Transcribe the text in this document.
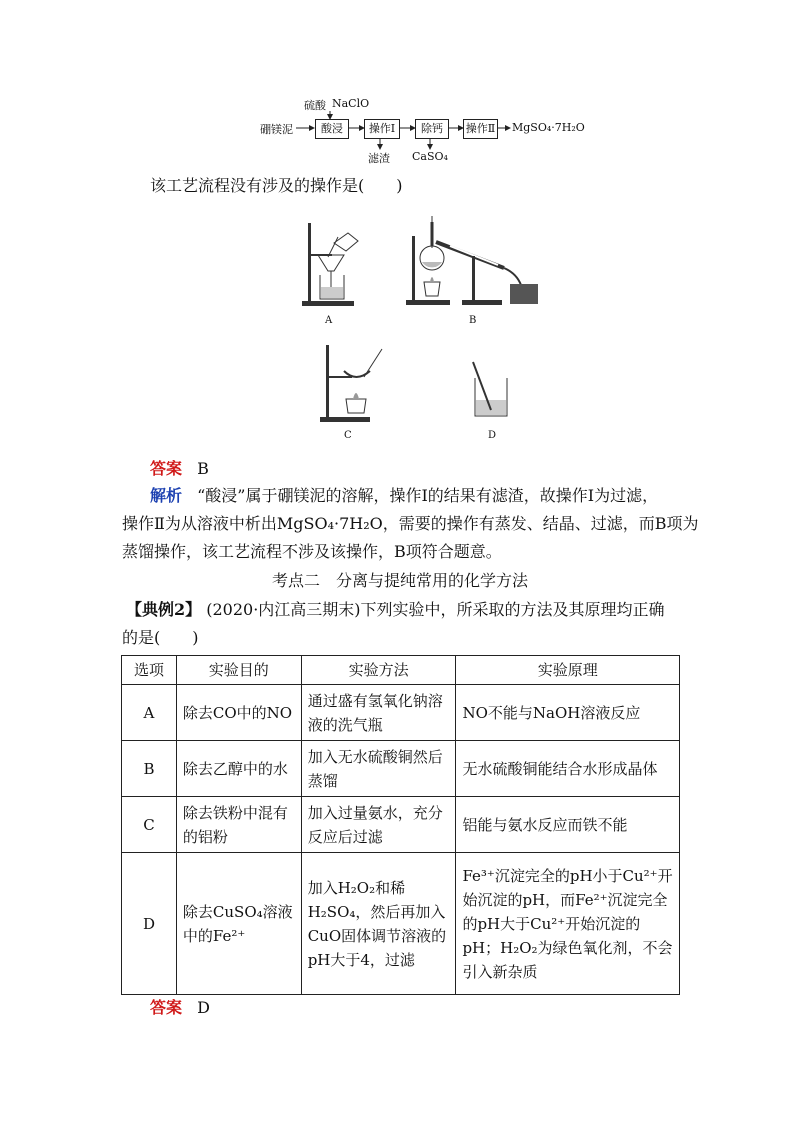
硫酸 NaClO
硼镁泥	酸浸	操作Ⅰ	除钙	操作Ⅱ MgSO₄·7H₂O
滤渣 CaSO₄
该工艺流程没有涉及的操作是(　　)
A	B
C	D
答案 B
解析 “酸浸”属于硼镁泥的溶解，操作Ⅰ的结果有滤渣，故操作Ⅰ为过滤，
操作Ⅱ为从溶液中析出MgSO₄·7H₂O，需要的操作有蒸发、结晶、过滤，而B项为
蒸馏操作，该工艺流程不涉及该操作，B项符合题意。
考点二　分离与提纯常用的化学方法
【典例2】 (2020·内江高三期末)下列实验中，所采取的方法及其原理均正确
的是(　　)
选项	实验目的	实验方法	实验原理
A	除去CO中的NO	通过盛有氢氧化钠溶液的洗气瓶	NO不能与NaOH溶液反应
B	除去乙醇中的水	加入无水硫酸铜然后蒸馏	无水硫酸铜能结合水形成晶体
C	除去铁粉中混有的铝粉	加入过量氨水，充分反应后过滤	铝能与氨水反应而铁不能
D	除去CuSO₄溶液中的Fe²⁺	加入H₂O₂和稀H₂SO₄，然后再加入CuO固体调节溶液的pH大于4，过滤	Fe³⁺沉淀完全的pH小于Cu²⁺开始沉淀的pH，而Fe²⁺沉淀完全的pH大于Cu²⁺开始沉淀的pH；H₂O₂为绿色氧化剂，不会引入新杂质
答案 D
